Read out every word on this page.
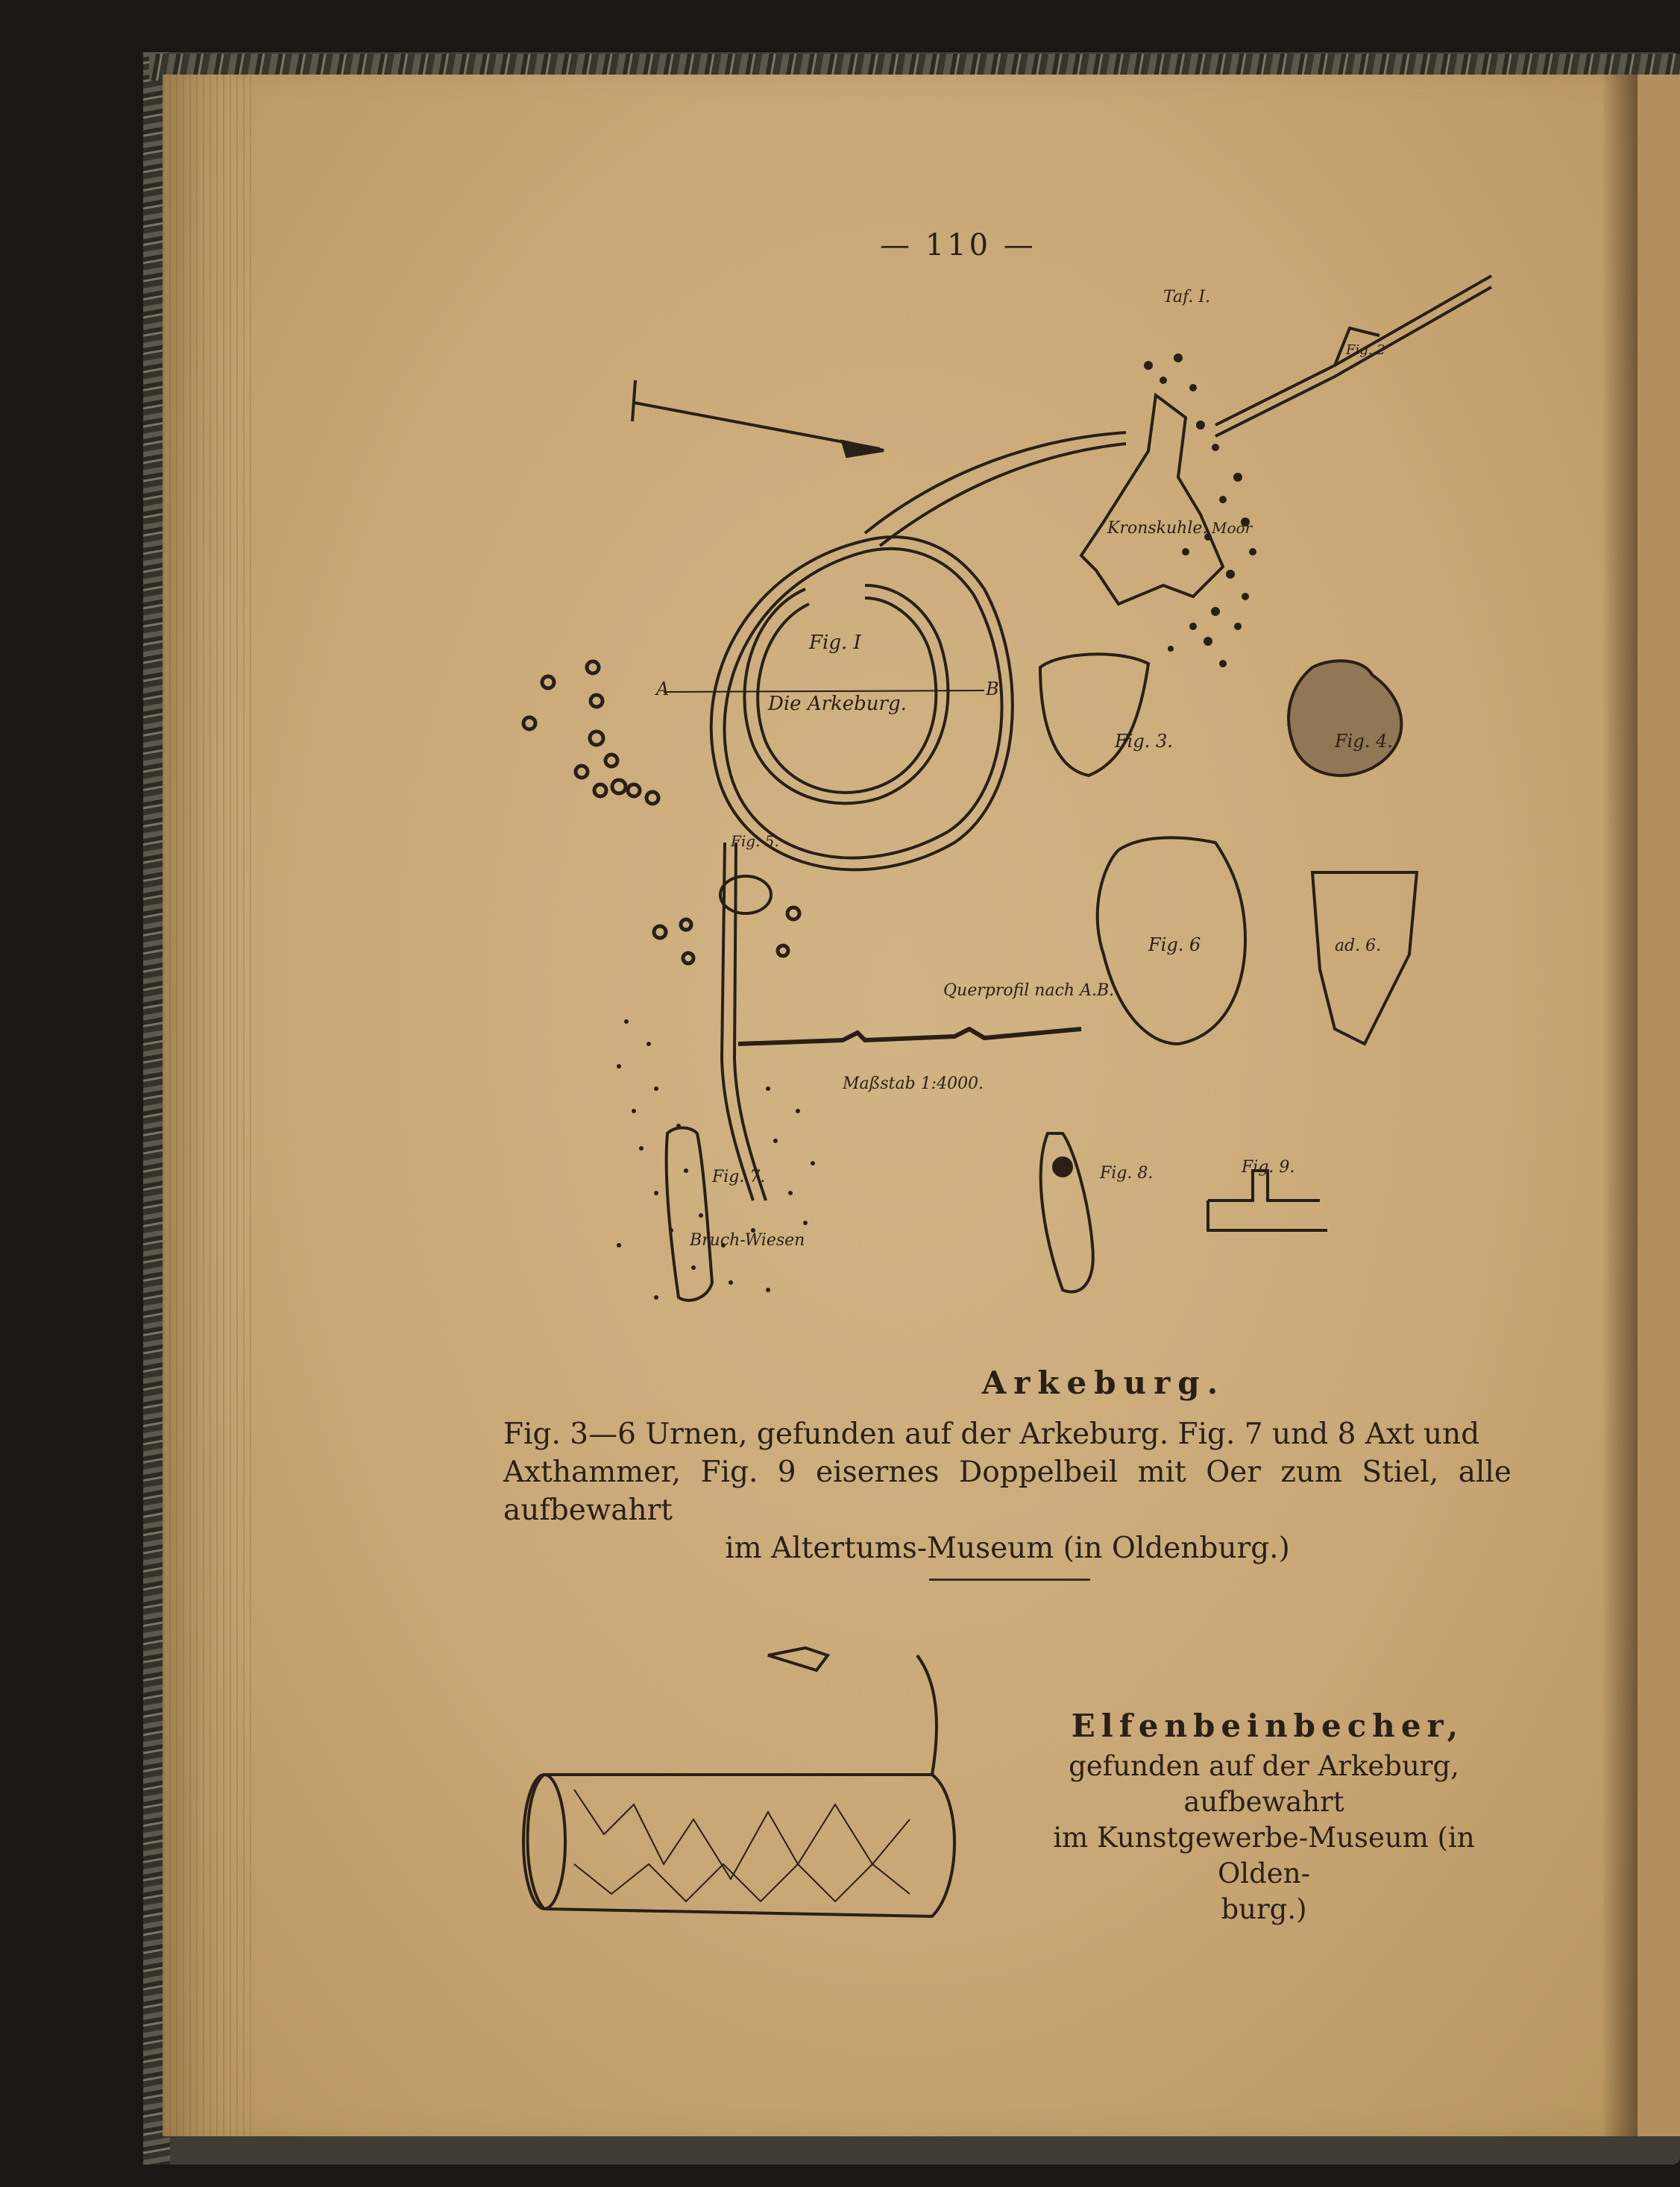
— 110 —
Taf. I.
A	B
Fig. I
Die Arkeburg.
Kronskuhle. Moor
Fig. 2
Fig. 3.	Fig. 4.
Fig. 5.
Fig. 6	ad. 6.
Querprofil nach A.B.
Maßstab 1:4000.
Fig. 7.	Fig. 8.	Fig. 9.
Bruch-Wiesen
Arkeburg.

Fig. 3—6 Urnen, gefunden auf der Arkeburg. Fig. 7 und 8 Axt und

Axthammer, Fig. 9 eisernes Doppelbeil mit Oer zum Stiel, alle aufbewahrt

im Altertums-Museum (in Oldenburg.)

Elfenbeinbecher,
gefunden auf der Arkeburg, aufbewahrt
im Kunstgewerbe-Museum (in Olden-
burg.)
